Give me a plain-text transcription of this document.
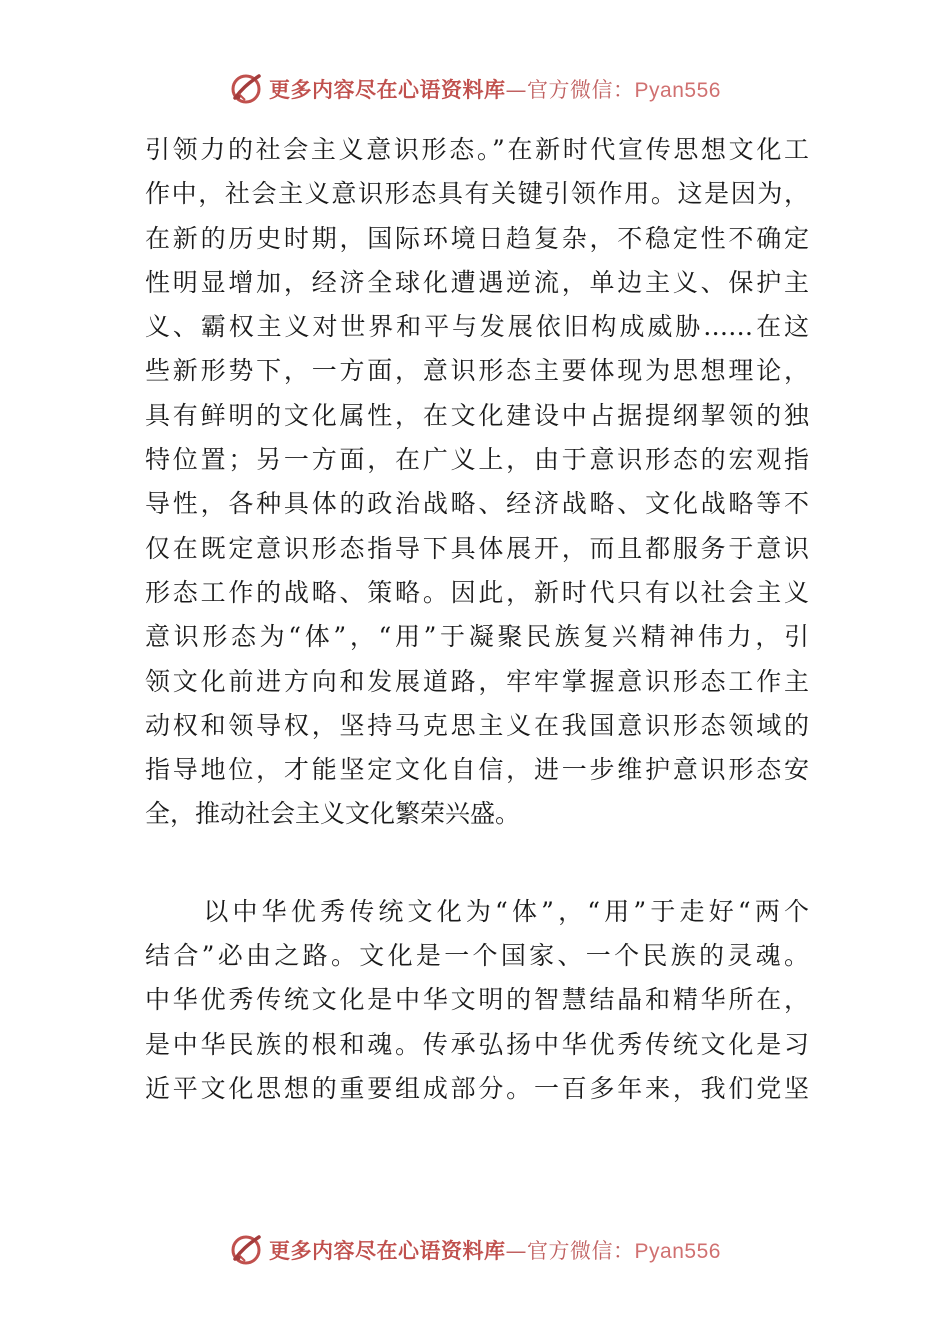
更多内容尽在心语资料库—官方微信：Pyan556

引领力的社会主义意识形态。”在新时代宣传思想文化工
作中，社会主义意识形态具有关键引领作用。这是因为，
在新的历史时期，国际环境日趋复杂，不稳定性不确定
性明显增加，经济全球化遭遇逆流，单边主义、保护主
义、霸权主义对世界和平与发展依旧构成威胁……在这
些新形势下，一方面，意识形态主要体现为思想理论，
具有鲜明的文化属性，在文化建设中占据提纲挈领的独
特位置；另一方面，在广义上，由于意识形态的宏观指
导性，各种具体的政治战略、经济战略、文化战略等不
仅在既定意识形态指导下具体展开，而且都服务于意识
形态工作的战略、策略。因此，新时代只有以社会主义
意识形态为“体”，“用”于凝聚民族复兴精神伟力，引
领文化前进方向和发展道路，牢牢掌握意识形态工作主
动权和领导权，坚持马克思主义在我国意识形态领域的
指导地位，才能坚定文化自信，进一步维护意识形态安
全，推动社会主义文化繁荣兴盛。

　　以中华优秀传统文化为“体”，“用”于走好“两个
结合”必由之路。文化是一个国家、一个民族的灵魂。
中华优秀传统文化是中华文明的智慧结晶和精华所在，
是中华民族的根和魂。传承弘扬中华优秀传统文化是习
近平文化思想的重要组成部分。一百多年来，我们党坚

更多内容尽在心语资料库—官方微信：Pyan556
